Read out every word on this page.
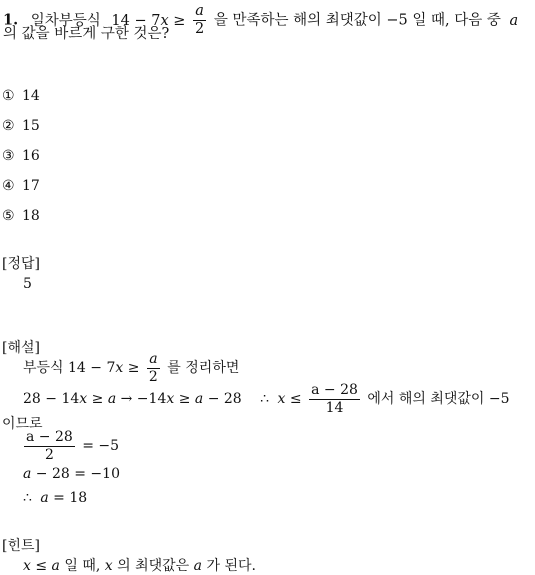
1. 일차부등식 $14 - 7x \ge \frac{a}{2}$ 을 만족하는 해의 최댓값이 −5 일 때, 다음 중 a
의 값을 바르게 구한 것은?
① 14
② 15
③ 16
④ 17
⑤ 18
[정답]
5
[해설]
부등식 $14 - 7x \ge \frac{a}{2}$ 를 정리하면
28 − 14x ≥ a → −14x ≥ a − 28 ∴ $x \le \frac{a - 28}{14}$ 에서 해의 최댓값이 −5
이므로
$\frac{a - 28}{2} = -5$
a − 28 = −10
∴ a = 18
[힌트]
x ≤ a 일 때, x 의 최댓값은 a 가 된다.
